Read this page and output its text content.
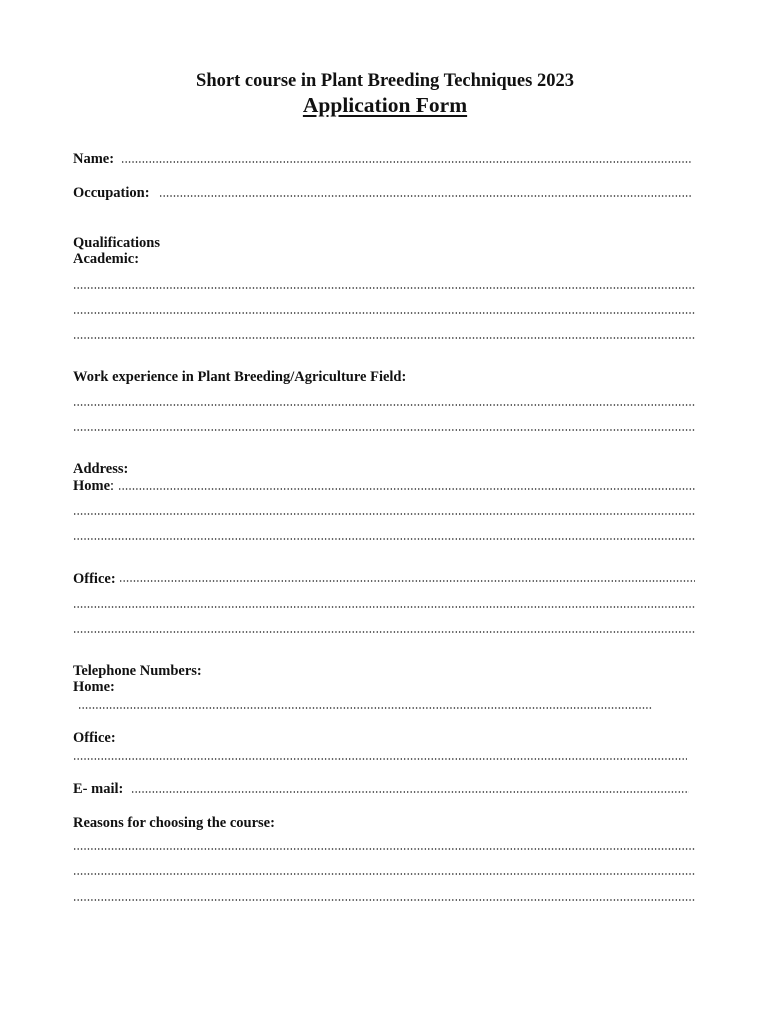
Short course in Plant Breeding Techniques 2023
Application Form
Name:
Occupation:
Qualifications
Academic:
Work experience in Plant Breeding/Agriculture Field:
Address:
Home:
Office:
Telephone Numbers:
Home:
Office:
E- mail:
Reasons for choosing the course:
